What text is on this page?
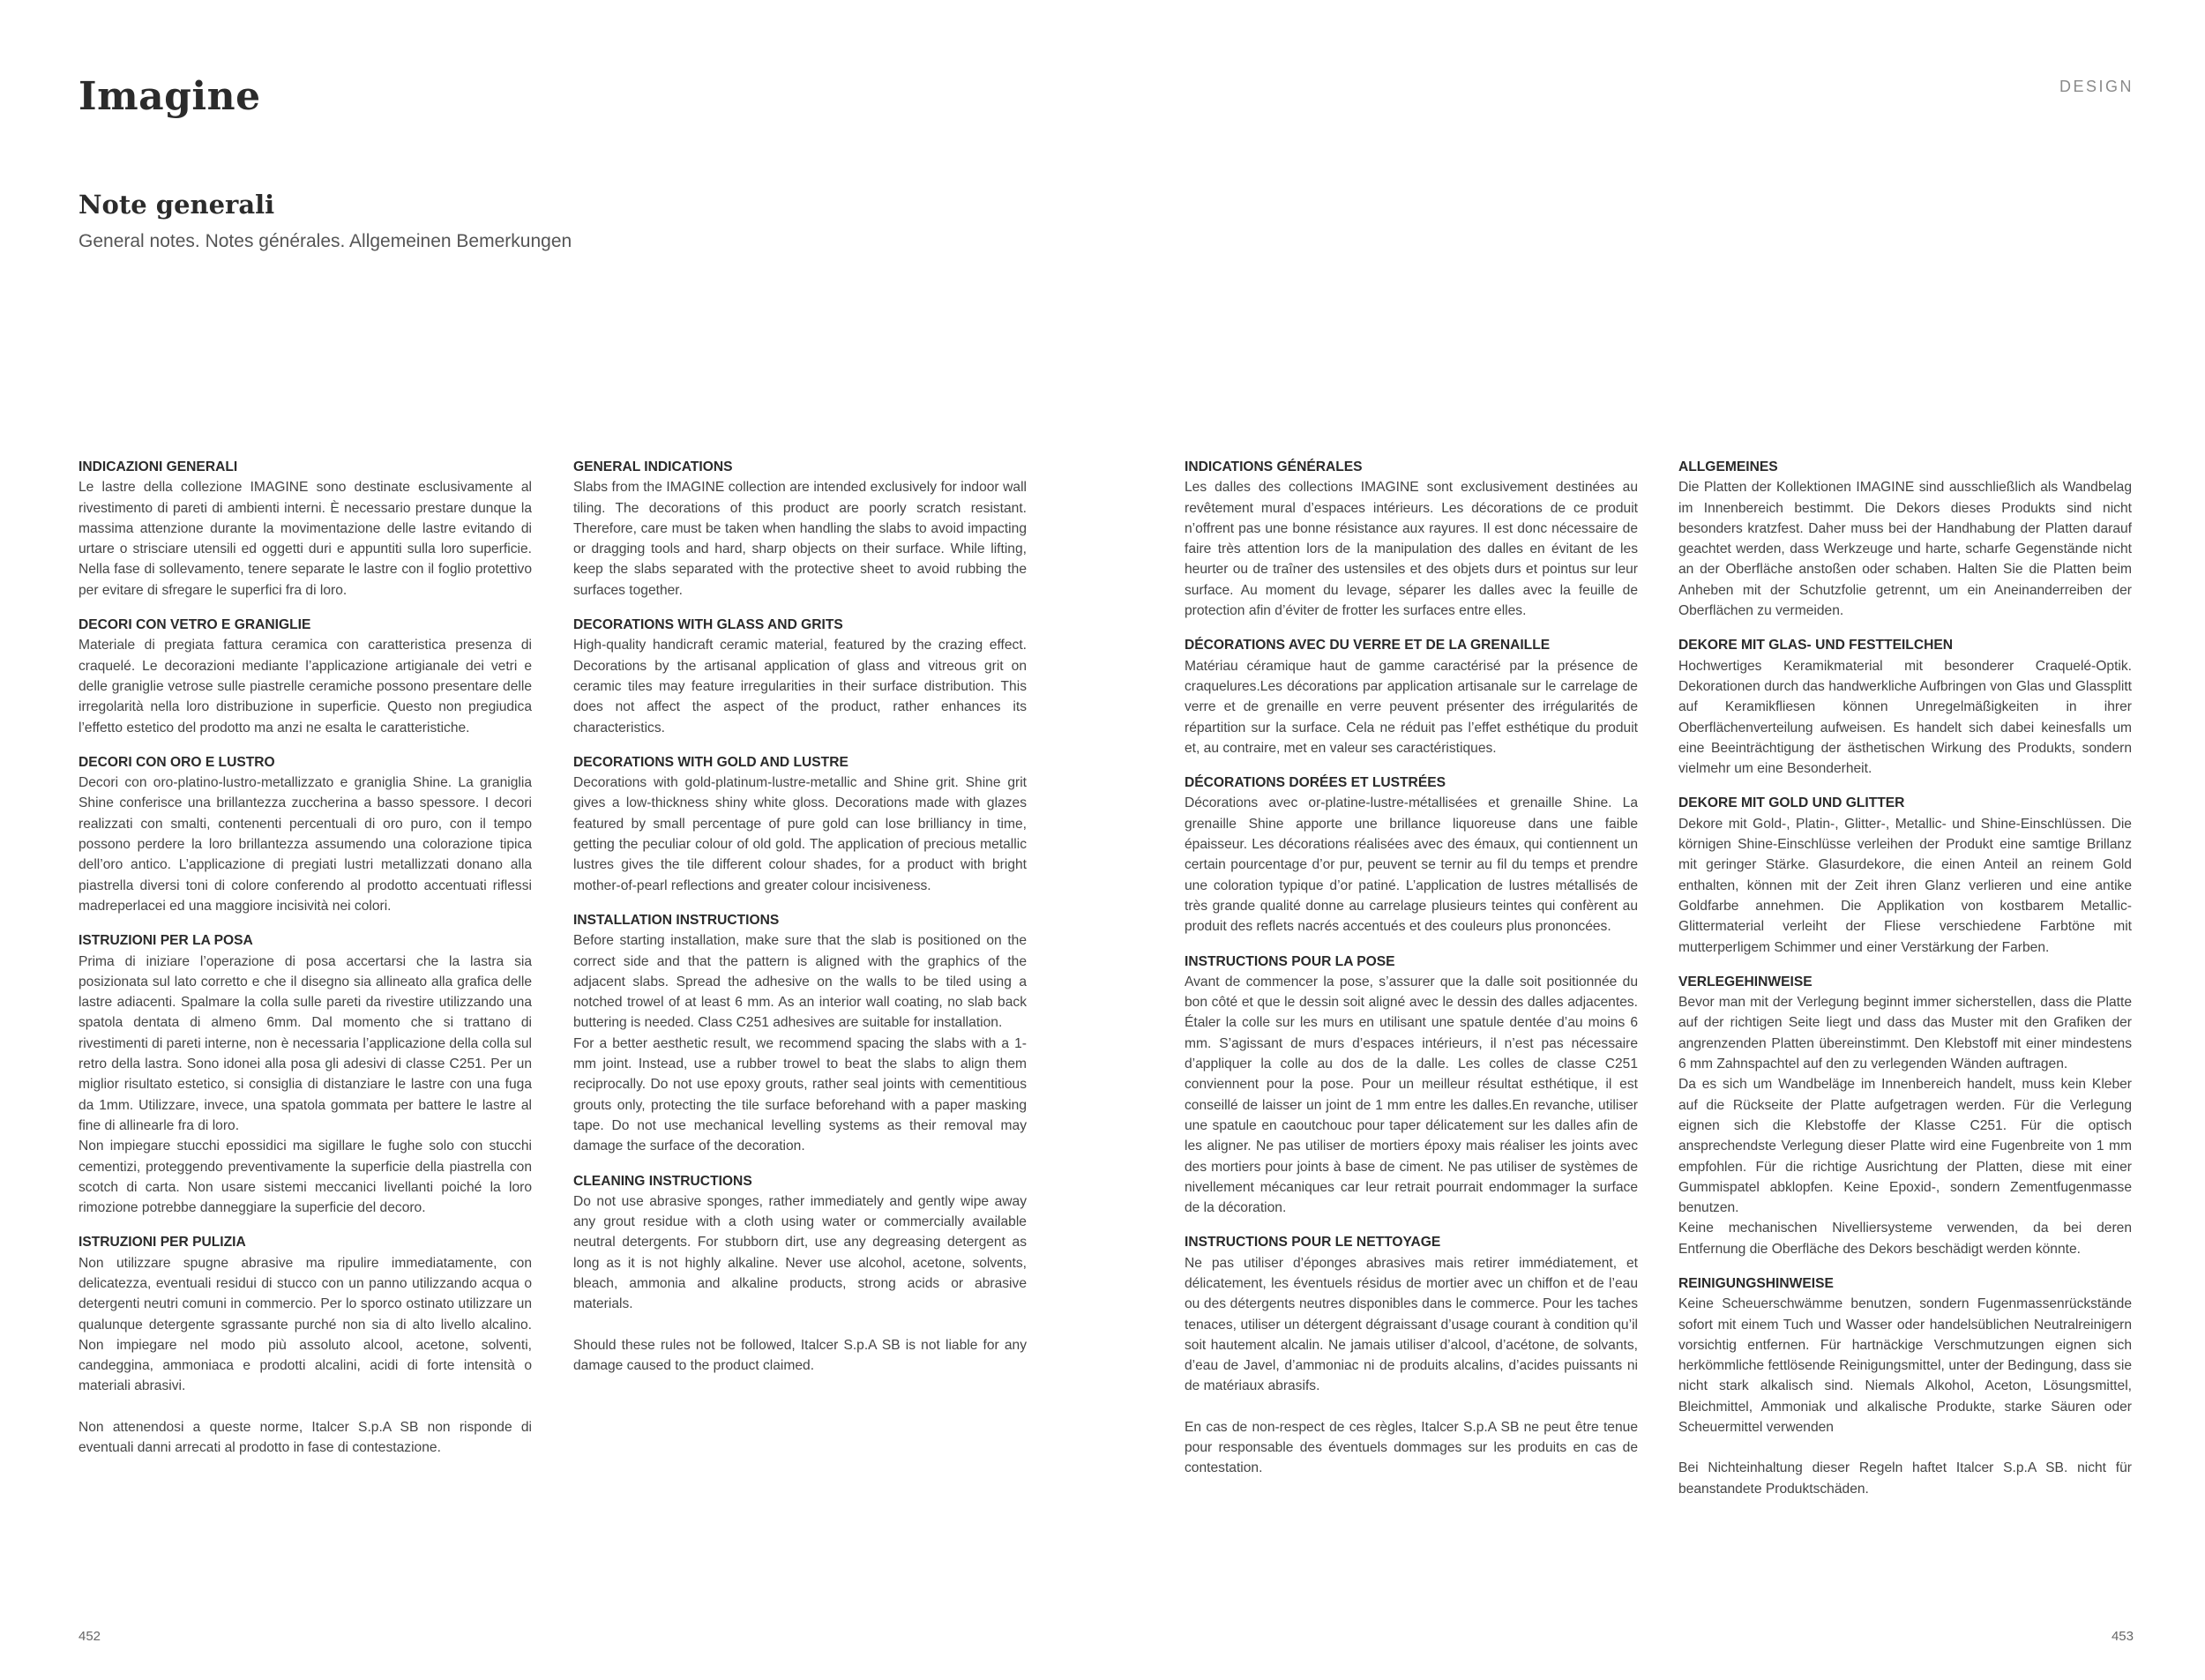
Imagine	DESIGN
Note generali
General notes. Notes générales. Allgemeinen Bemerkungen
INDICAZIONI GENERALI

Le lastre della collezione IMAGINE sono destinate esclusivamente al rivestimento di pareti di ambienti interni. È necessario prestare dunque la massima attenzione durante la movimentazione delle lastre evitando di urtare o strisciare utensili ed oggetti duri e appuntiti sulla loro superficie. Nella fase di sollevamento, tenere separate le lastre con il foglio protettivo per evitare di sfregare le superfici fra di loro.

DECORI CON VETRO E GRANIGLIE

Materiale di pregiata fattura ceramica con caratteristica presenza di craquelé. Le decorazioni mediante l’applicazione artigianale dei vetri e delle graniglie vetrose sulle piastrelle ceramiche possono presentare delle irregolarità nella loro distribuzione in superficie. Questo non pregiudica l’effetto estetico del prodotto ma anzi ne esalta le caratteristiche.

DECORI CON ORO E LUSTRO

Decori con oro-platino-lustro-metallizzato e graniglia Shine. La graniglia Shine conferisce una brillantezza zuccherina a basso spessore. I decori realizzati con smalti, contenenti percentuali di oro puro, con il tempo possono perdere la loro brillantezza assumendo una colorazione tipica dell’oro antico. L’applicazione di pregiati lustri metallizzati donano alla piastrella diversi toni di colore conferendo al prodotto accentuati riflessi madreperlacei ed una maggiore incisività nei colori.

ISTRUZIONI PER LA POSA

Prima di iniziare l’operazione di posa accertarsi che la lastra sia posizionata sul lato corretto e che il disegno sia allineato alla grafica delle lastre adiacenti. Spalmare la colla sulle pareti da rivestire utilizzando una spatola dentata di almeno 6mm. Dal momento che si trattano di rivestimenti di pareti interne, non è necessaria l’applicazione della colla sul retro della lastra. Sono idonei alla posa gli adesivi di classe C251. Per un miglior risultato estetico, si consiglia di distanziare le lastre con una fuga da 1mm. Utilizzare, invece, una spatola gommata per battere le lastre al fine di allinearle fra di loro.

Non impiegare stucchi epossidici ma sigillare le fughe solo con stucchi cementizi, proteggendo preventivamente la superficie della piastrella con scotch di carta. Non usare sistemi meccanici livellanti poiché la loro rimozione potrebbe danneggiare la superficie del decoro.

ISTRUZIONI PER PULIZIA

Non utilizzare spugne abrasive ma ripulire immediatamente, con delicatezza, eventuali residui di stucco con un panno utilizzando acqua o detergenti neutri comuni in commercio. Per lo sporco ostinato utilizzare un qualunque detergente sgrassante purché non sia di alto livello alcalino. Non impiegare nel modo più assoluto alcool, acetone, solventi, candeggina, ammoniaca e prodotti alcalini, acidi di forte intensità o materiali abrasivi.

Non attenendosi a queste norme, Italcer S.p.A SB non risponde di eventuali danni arrecati al prodotto in fase di contestazione.
GENERAL INDICATIONS

Slabs from the IMAGINE collection are intended exclusively for indoor wall tiling. The decorations of this product are poorly scratch resistant. Therefore, care must be taken when handling the slabs to avoid impacting or dragging tools and hard, sharp objects on their surface. While lifting, keep the slabs separated with the protective sheet to avoid rubbing the surfaces together.

DECORATIONS WITH GLASS AND GRITS

High-quality handicraft ceramic material, featured by the crazing effect. Decorations by the artisanal application of glass and vitreous grit on ceramic tiles may feature irregularities in their surface distribution. This does not affect the aspect of the product, rather enhances its characteristics.

DECORATIONS WITH GOLD AND LUSTRE

Decorations with gold-platinum-lustre-metallic and Shine grit. Shine grit gives a low-thickness shiny white gloss. Decorations made with glazes featured by small percentage of pure gold can lose brilliancy in time, getting the peculiar colour of old gold. The application of precious metallic lustres gives the tile different colour shades, for a product with bright mother-of-pearl reflections and greater colour incisiveness.

INSTALLATION INSTRUCTIONS

Before starting installation, make sure that the slab is positioned on the correct side and that the pattern is aligned with the graphics of the adjacent slabs. Spread the adhesive on the walls to be tiled using a notched trowel of at least 6 mm. As an interior wall coating, no slab back buttering is needed. Class C251 adhesives are suitable for installation.

For a better aesthetic result, we recommend spacing the slabs with a 1-mm joint. Instead, use a rubber trowel to beat the slabs to align them reciprocally. Do not use epoxy grouts, rather seal joints with cementitious grouts only, protecting the tile surface beforehand with a paper masking tape. Do not use mechanical levelling systems as their removal may damage the surface of the decoration.

CLEANING INSTRUCTIONS

Do not use abrasive sponges, rather immediately and gently wipe away any grout residue with a cloth using water or commercially available neutral detergents. For stubborn dirt, use any degreasing detergent as long as it is not highly alkaline. Never use alcohol, acetone, solvents, bleach, ammonia and alkaline products, strong acids or abrasive materials.

Should these rules not be followed, Italcer S.p.A SB is not liable for any damage caused to the product claimed.
INDICATIONS GÉNÉRALES

Les dalles des collections IMAGINE sont exclusivement destinées au revêtement mural d’espaces intérieurs. Les décorations de ce produit n’offrent pas une bonne résistance aux rayures. Il est donc nécessaire de faire très attention lors de la manipulation des dalles en évitant de les heurter ou de traîner des ustensiles et des objets durs et pointus sur leur surface. Au moment du levage, séparer les dalles avec la feuille de protection afin d’éviter de frotter les surfaces entre elles.

DÉCORATIONS AVEC DU VERRE ET DE LA GRENAILLE

Matériau céramique haut de gamme caractérisé par la présence de craquelures.Les décorations par application artisanale sur le carrelage de verre et de grenaille en verre peuvent présenter des irrégularités de répartition sur la surface. Cela ne réduit pas l’effet esthétique du produit et, au contraire, met en valeur ses caractéristiques.

DÉCORATIONS DORÉES ET LUSTRÉES

Décorations avec or-platine-lustre-métallisées et grenaille Shine. La grenaille Shine apporte une brillance liquoreuse dans une faible épaisseur. Les décorations réalisées avec des émaux, qui contiennent un certain pourcentage d’or pur, peuvent se ternir au fil du temps et prendre une coloration typique d’or patiné. L’application de lustres métallisés de très grande qualité donne au carrelage plusieurs teintes qui confèrent au produit des reflets nacrés accentués et des couleurs plus prononcées.

INSTRUCTIONS POUR LA POSE

Avant de commencer la pose, s’assurer que la dalle soit positionnée du bon côté et que le dessin soit aligné avec le dessin des dalles adjacentes. Étaler la colle sur les murs en utilisant une spatule dentée d’au moins 6 mm. S’agissant de murs d’espaces intérieurs, il n’est pas nécessaire d’appliquer la colle au dos de la dalle. Les colles de classe C251 conviennent pour la pose. Pour un meilleur résultat esthétique, il est conseillé de laisser un joint de 1 mm entre les dalles.En revanche, utiliser une spatule en caoutchouc pour taper délicatement sur les dalles afin de les aligner. Ne pas utiliser de mortiers époxy mais réaliser les joints avec des mortiers pour joints à base de ciment. Ne pas utiliser de systèmes de nivellement mécaniques car leur retrait pourrait endommager la surface de la décoration.

INSTRUCTIONS POUR LE NETTOYAGE

Ne pas utiliser d’éponges abrasives mais retirer immédiatement, et délicatement, les éventuels résidus de mortier avec un chiffon et de l’eau ou des détergents neutres disponibles dans le commerce. Pour les taches tenaces, utiliser un détergent dégraissant d’usage courant à condition qu’il soit hautement alcalin. Ne jamais utiliser d’alcool, d’acétone, de solvants, d’eau de Javel, d’ammoniac ni de produits alcalins, d’acides puissants ni de matériaux abrasifs.

En cas de non-respect de ces règles, Italcer S.p.A SB ne peut être tenue pour responsable des éventuels dommages sur les produits en cas de contestation.
ALLGEMEINES

Die Platten der Kollektionen IMAGINE sind ausschließlich als Wandbelag im Innenbereich bestimmt. Die Dekors dieses Produkts sind nicht besonders kratzfest. Daher muss bei der Handhabung der Platten darauf geachtet werden, dass Werkzeuge und harte, scharfe Gegenstände nicht an der Oberfläche anstoßen oder schaben. Halten Sie die Platten beim Anheben mit der Schutzfolie getrennt, um ein Aneinanderreiben der Oberflächen zu vermeiden.

DEKORE MIT GLAS- UND FESTTEILCHEN

Hochwertiges Keramikmaterial mit besonderer Craquelé-Optik. Dekorationen durch das handwerkliche Aufbringen von Glas und Glassplitt auf Keramikfliesen können Unregelmäßigkeiten in ihrer Oberflächenverteilung aufweisen. Es handelt sich dabei keinesfalls um eine Beeinträchtigung der ästhetischen Wirkung des Produkts, sondern vielmehr um eine Besonderheit.

DEKORE MIT GOLD UND GLITTER

Dekore mit Gold-, Platin-, Glitter-, Metallic- und Shine-Einschlüssen. Die körnigen Shine-Einschlüsse verleihen der Produkt eine samtige Brillanz mit geringer Stärke. Glasurdekore, die einen Anteil an reinem Gold enthalten, können mit der Zeit ihren Glanz verlieren und eine antike Goldfarbe annehmen. Die Applikation von kostbarem Metallic-Glittermaterial verleiht der Fliese verschiedene Farbtöne mit mutterperligem Schimmer und einer Verstärkung der Farben.

VERLEGEHINWEISE

Bevor man mit der Verlegung beginnt immer sicherstellen, dass die Platte auf der richtigen Seite liegt und dass das Muster mit den Grafiken der angrenzenden Platten übereinstimmt. Den Klebstoff mit einer mindestens 6 mm Zahnspachtel auf den zu verlegenden Wänden auftragen.

Da es sich um Wandbeläge im Innenbereich handelt, muss kein Kleber auf die Rückseite der Platte aufgetragen werden. Für die Verlegung eignen sich die Klebstoffe der Klasse C251. Für die optisch ansprechendste Verlegung dieser Platte wird eine Fugenbreite von 1 mm empfohlen. Für die richtige Ausrichtung der Platten, diese mit einer Gummispatel abklopfen. Keine Epoxid-, sondern Zementfugenmasse benutzen.

Keine mechanischen Nivelliersysteme verwenden, da bei deren Entfernung die Oberfläche des Dekors beschädigt werden könnte.

REINIGUNGSHINWEISE

Keine Scheuerschwämme benutzen, sondern Fugenmassenrückstände sofort mit einem Tuch und Wasser oder handelsüblichen Neutralreinigern vorsichtig entfernen. Für hartnäckige Verschmutzungen eignen sich herkömmliche fettlösende Reinigungsmittel, unter der Bedingung, dass sie nicht stark alkalisch sind. Niemals Alkohol, Aceton, Lösungsmittel, Bleichmittel, Ammoniak und alkalische Produkte, starke Säuren oder Scheuermittel verwenden

Bei Nichteinhaltung dieser Regeln haftet Italcer S.p.A SB. nicht für beanstandete Produktschäden.
452	453
